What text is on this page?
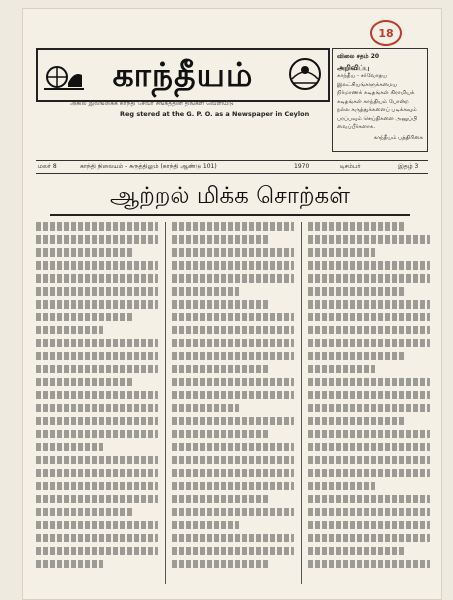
18
காந்தீயம்
அகில இலங்கைக் காந்தி சேவா சங்கத்தின் திங்கள் வெளியீடு
Reg stered at the G. P. O. as a Newspaper in Ceylon
விலை சதம் 20
அறிவிப்பு
காந்தீய - சர்வோதய இலட்சியங்களுக்கமைய நிர்மாணக் கடிதங்கள் கிராமியக் கடிதங்கள் காந்தியம் போன்ற நல்ல கருத்துக்களைப் படிக்கவும் பரப்பவும் செய்திகளை அனுப்பி வைப்பீர்களாக.
காந்தீயம் பத்திரிகை
மலர் 8	காந்தி நிலையம் - சுருத்திலும் (காந்தி ஆண்டு 101)	1970	டிசம்பர்	இதழ் 3
ஆற்றல் மிக்க சொற்கள்
